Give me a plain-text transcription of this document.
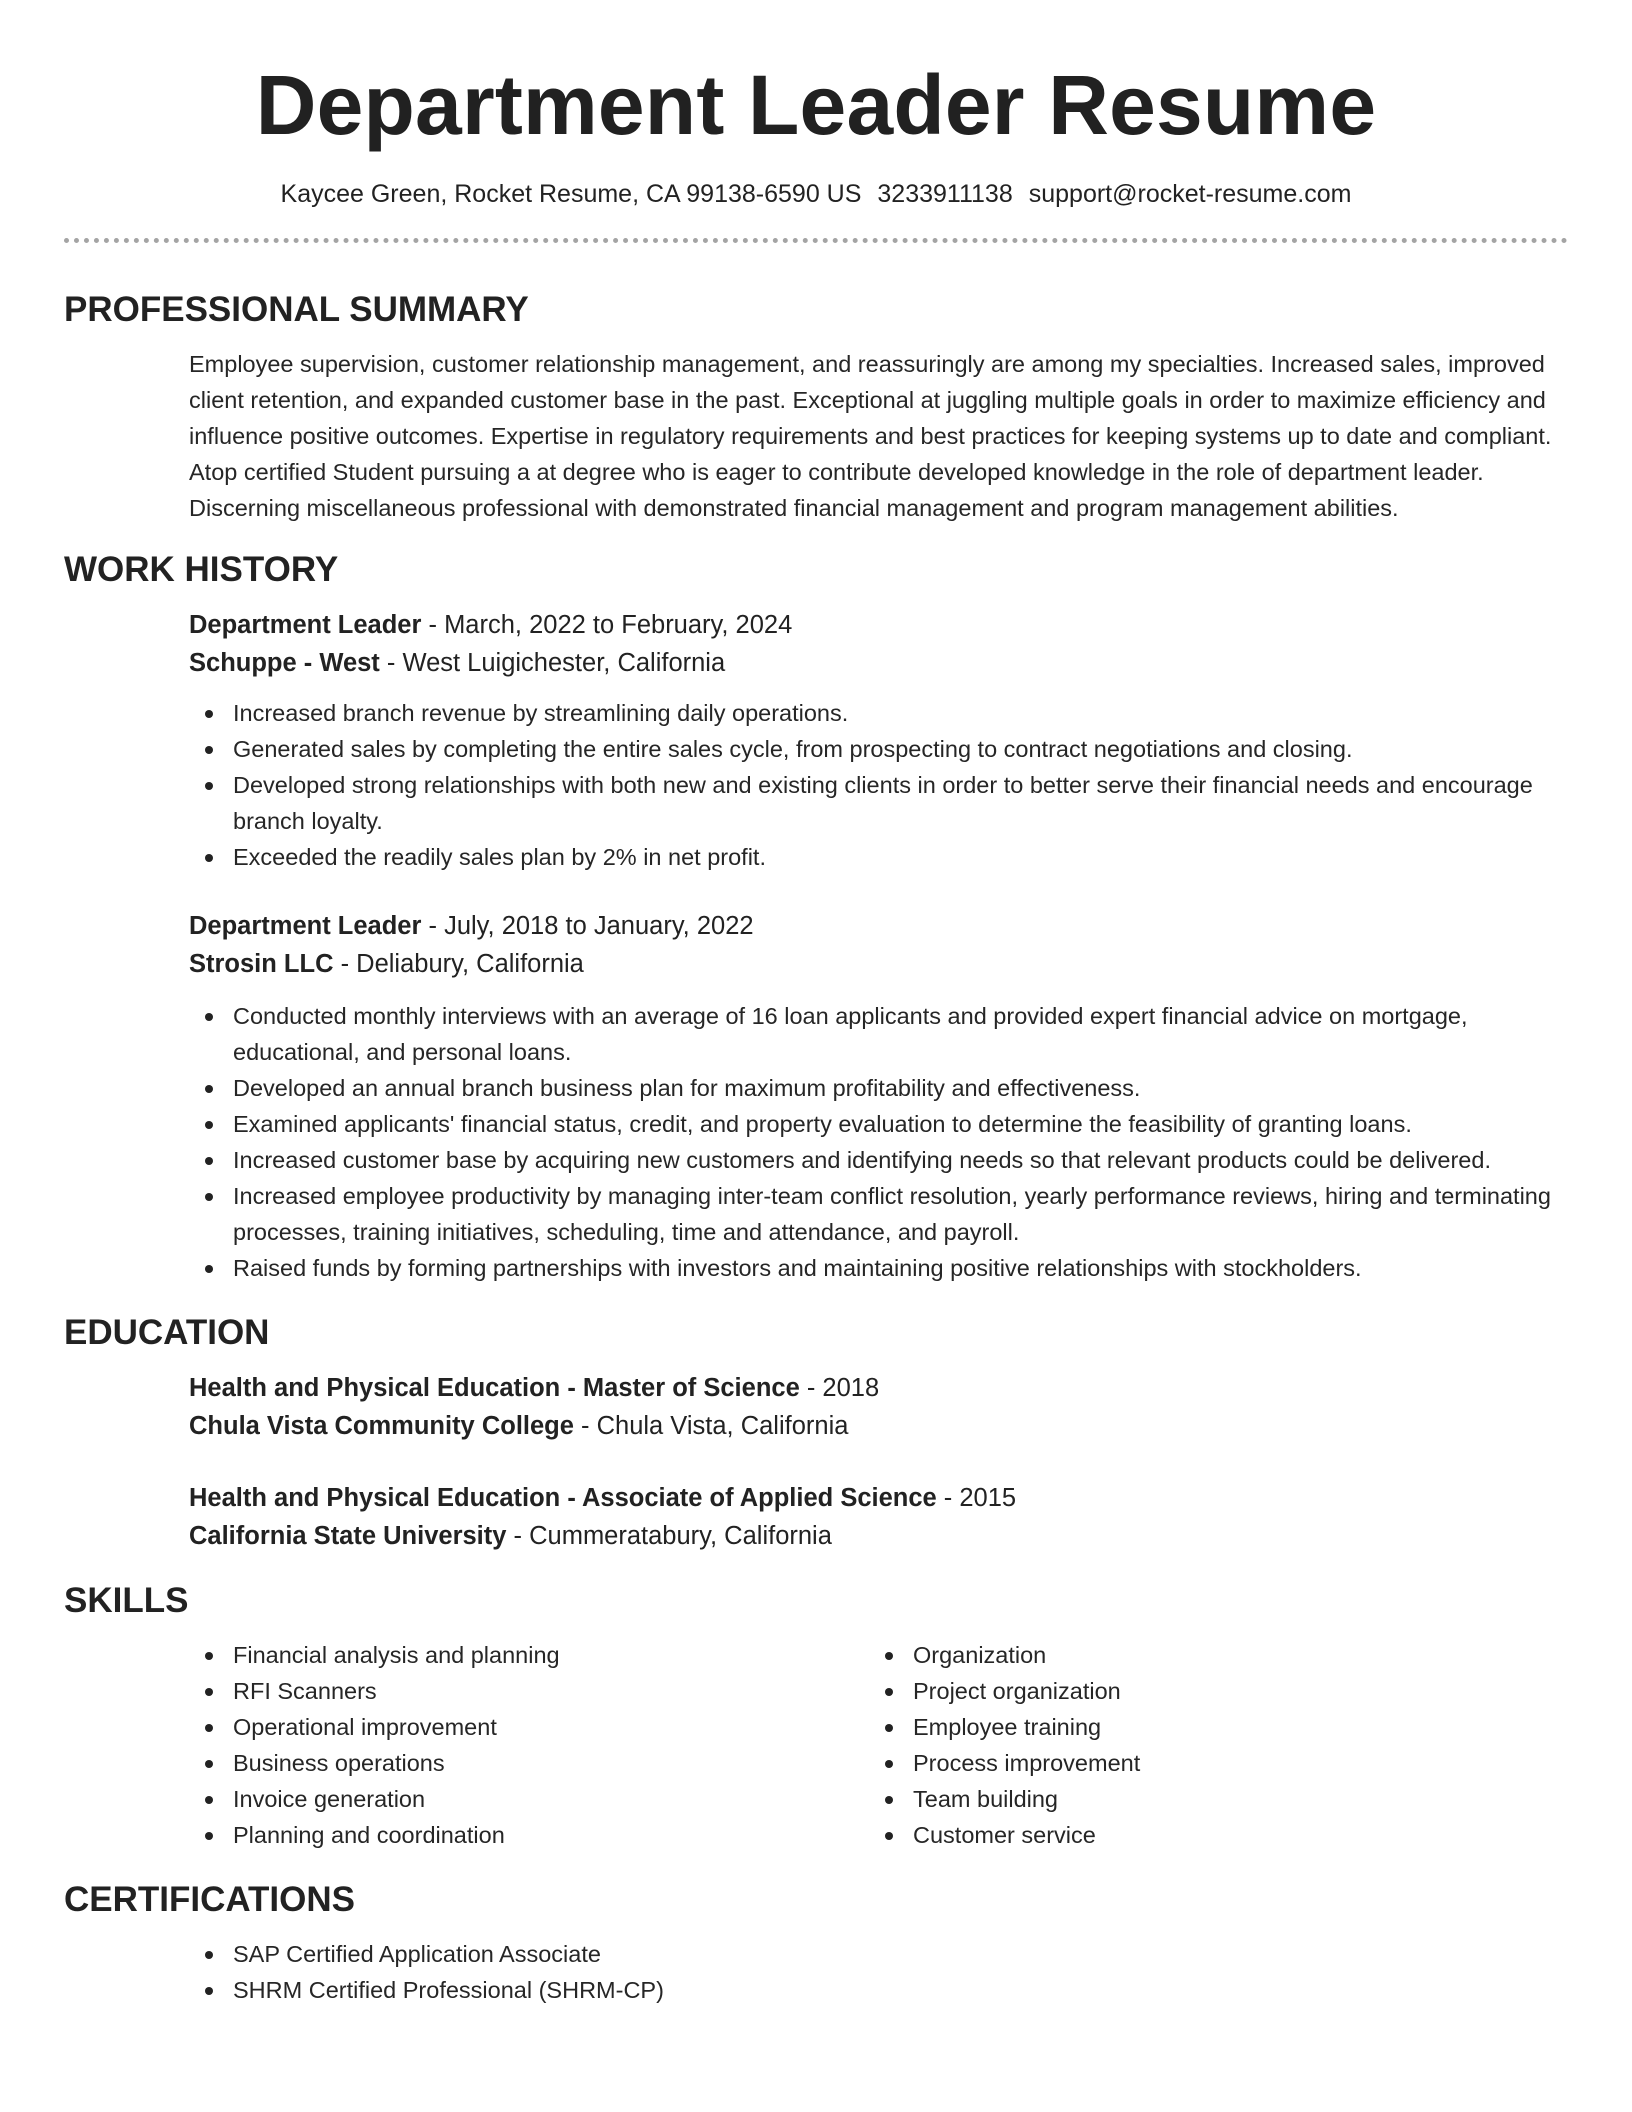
Department Leader Resume
Kaycee Green, Rocket Resume, CA 99138-6590 US 3233911138 support@rocket-resume.com
PROFESSIONAL SUMMARY

Employee supervision, customer relationship management, and reassuringly are among my specialties. Increased sales, improved client retention, and expanded customer base in the past. Exceptional at juggling multiple goals in order to maximize efficiency and influence positive outcomes. Expertise in regulatory requirements and best practices for keeping systems up to date and compliant. Atop certified Student pursuing a at degree who is eager to contribute developed knowledge in the role of department leader. Discerning miscellaneous professional with demonstrated financial management and program management abilities.

WORK HISTORY
Department Leader - March, 2022 to February, 2024
Schuppe - West - West Luigichester, California
Increased branch revenue by streamlining daily operations.
Generated sales by completing the entire sales cycle, from prospecting to contract negotiations and closing.
Developed strong relationships with both new and existing clients in order to better serve their financial needs and encourage branch loyalty.
Exceeded the readily sales plan by 2% in net profit.
Department Leader - July, 2018 to January, 2022
Strosin LLC - Deliabury, California
Conducted monthly interviews with an average of 16 loan applicants and provided expert financial advice on mortgage, educational, and personal loans.
Developed an annual branch business plan for maximum profitability and effectiveness.
Examined applicants' financial status, credit, and property evaluation to determine the feasibility of granting loans.
Increased customer base by acquiring new customers and identifying needs so that relevant products could be delivered.
Increased employee productivity by managing inter-team conflict resolution, yearly performance reviews, hiring and terminating processes, training initiatives, scheduling, time and attendance, and payroll.
Raised funds by forming partnerships with investors and maintaining positive relationships with stockholders.
EDUCATION
Health and Physical Education - Master of Science - 2018
Chula Vista Community College - Chula Vista, California
Health and Physical Education - Associate of Applied Science - 2015
California State University - Cummeratabury, California
SKILLS
Financial analysis and planning
RFI Scanners
Operational improvement
Business operations
Invoice generation
Planning and coordination
Organization
Project organization
Employee training
Process improvement
Team building
Customer service
CERTIFICATIONS
SAP Certified Application Associate
SHRM Certified Professional (SHRM-CP)
